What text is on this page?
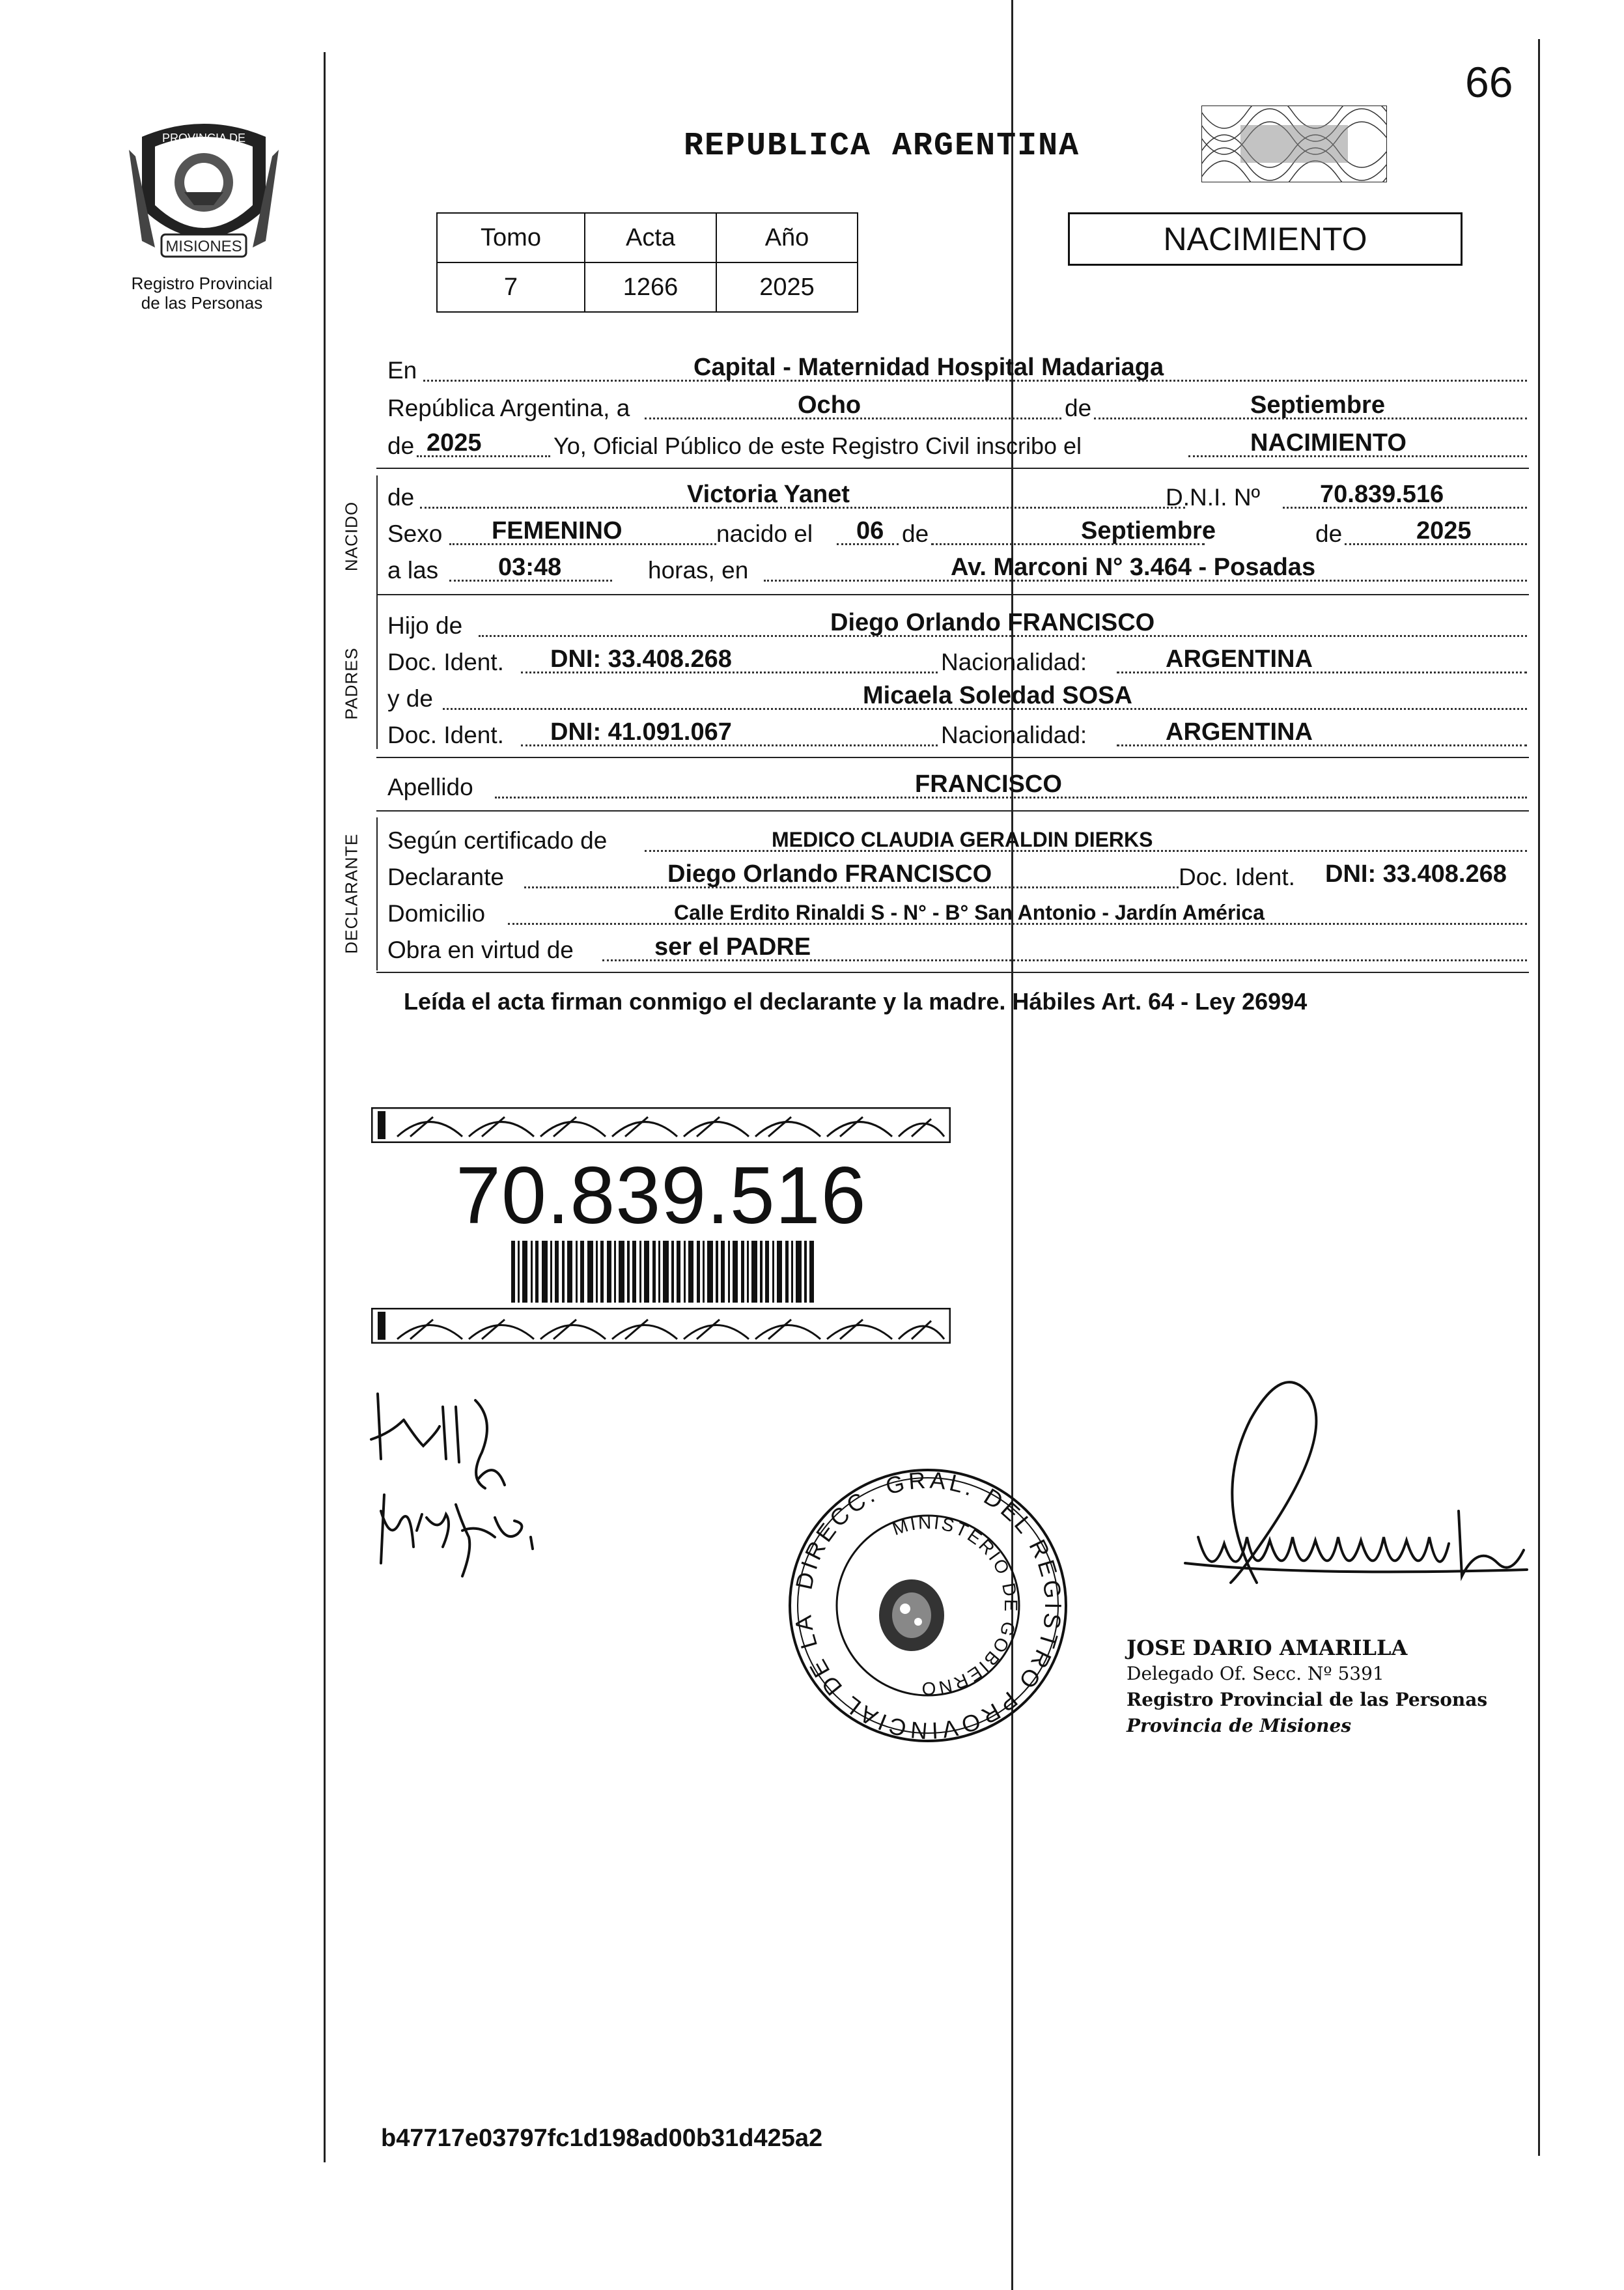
66
MISIONES
PROVINCIA DE
Registro Provincial
de las Personas
REPUBLICA ARGENTINA
Tomo	Acta	Año
7	1266	2025
NACIMIENTO
En	Capital - Maternidad Hospital Madariaga
República Argentina, a	Ocho	de	Septiembre
de 2025	Yo, Oficial Público de este Registro Civil inscribo el	NACIMIENTO
NACIDO
de	Victoria Yanet	D.N.I. Nº 70.839.516
Sexo FEMENINO	nacido el 06 de	Septiembre	de	2025
a las 03:48	horas, en	Av. Marconi N° 3.464 - Posadas
PADRES
Hijo de	Diego Orlando FRANCISCO
Doc. Ident. DNI: 33.408.268	Nacionalidad:	ARGENTINA
y de	Micaela Soledad SOSA
Doc. Ident. DNI: 41.091.067	Nacionalidad:	ARGENTINA
Apellido	FRANCISCO
DECLARANTE Según certificado de	MEDICO CLAUDIA GERALDIN DIERKS
Declarante	Diego Orlando FRANCISCO	Doc. Ident. DNI: 33.408.268
Domicilio	Calle Erdito Rinaldi S - N° - B° San Antonio - Jardín América
Obra en virtud de	ser el PADRE
Leída el acta firman conmigo el declarante y la madre. Hábiles Art. 64 - Ley 26994
70.839.516
DIRECC. GRAL. DEL REGISTRO PROVINCIAL DE LA
MINISTERIO DE GOBIERNO
JOSE DARIO AMARILLA
Delegado Of. Secc. Nº 5391
Registro Provincial de las Personas
Provincia de Misiones
b47717e03797fc1d198ad00b31d425a2
